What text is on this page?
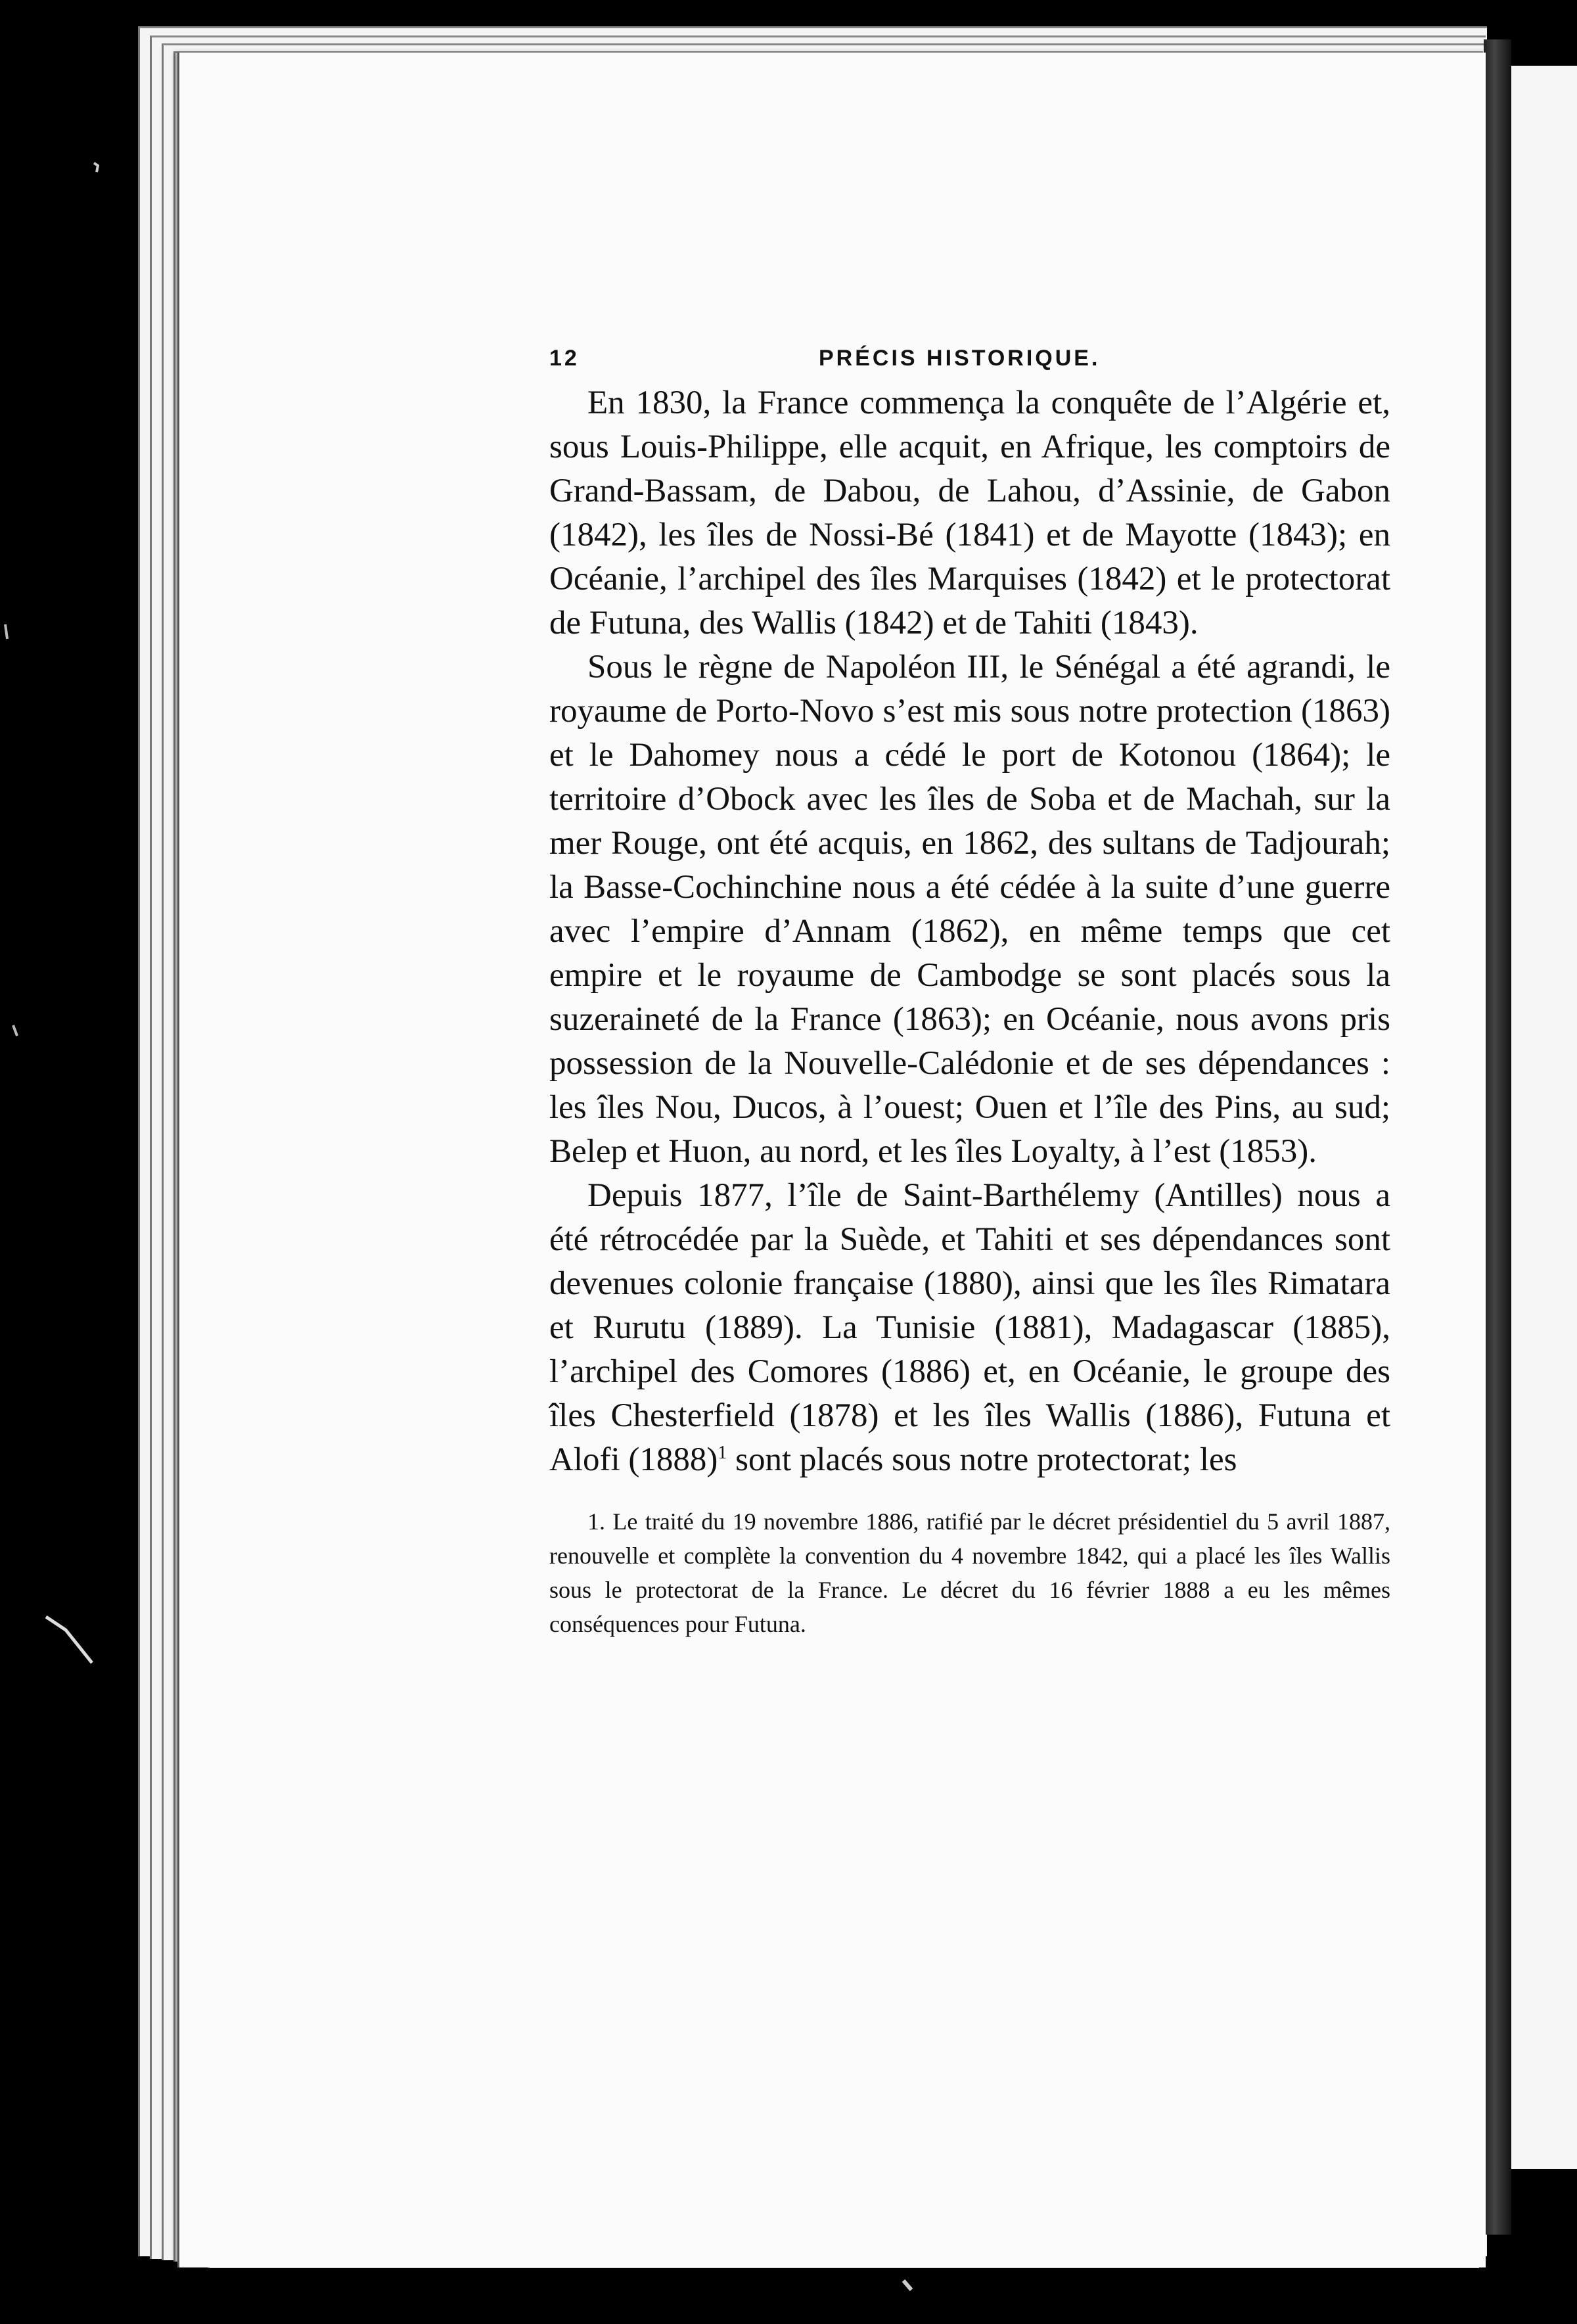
12	PRÉCIS HISTORIQUE.

En 1830, la France commença la conquête de l’Algérie et, sous Louis-Philippe, elle acquit, en Afrique, les comptoirs de Grand-Bassam, de Dabou, de Lahou, d’Assinie, de Gabon (1842), les îles de Nossi-Bé (1841) et de Mayotte (1843); en Océanie, l’archipel des îles Marquises (1842) et le protectorat de Futuna, des Wallis (1842) et de Tahiti (1843).

Sous le règne de Napoléon III, le Sénégal a été agrandi, le royaume de Porto-Novo s’est mis sous notre protection (1863) et le Dahomey nous a cédé le port de Kotonou (1864); le territoire d’Obock avec les îles de Soba et de Machah, sur la mer Rouge, ont été acquis, en 1862, des sultans de Tadjourah; la Basse-Cochinchine nous a été cédée à la suite d’une guerre avec l’empire d’Annam (1862), en même temps que cet empire et le royaume de Cambodge se sont placés sous la suzeraineté de la France (1863); en Océanie, nous avons pris possession de la Nouvelle-Calédonie et de ses dépendances : les îles Nou, Ducos, à l’ouest; Ouen et l’île des Pins, au sud; Belep et Huon, au nord, et les îles Loyalty, à l’est (1853).

Depuis 1877, l’île de Saint-Barthélemy (Antilles) nous a été rétrocédée par la Suède, et Tahiti et ses dépendances sont devenues colonie française (1880), ainsi que les îles Rimatara et Rurutu (1889). La Tunisie (1881), Madagascar (1885), l’archipel des Comores (1886) et, en Océanie, le groupe des îles Chesterfield (1878) et les îles Wallis (1886), Futuna et Alofi $(1888)^1$ sont placés sous notre protectorat; les

1. Le traité du 19 novembre 1886, ratifié par le décret présidentiel du 5 avril 1887, renouvelle et complète la convention du 4 novembre 1842, qui a placé les îles Wallis sous le protectorat de la France. Le décret du 16 février 1888 a eu les mêmes conséquences pour Futuna.
